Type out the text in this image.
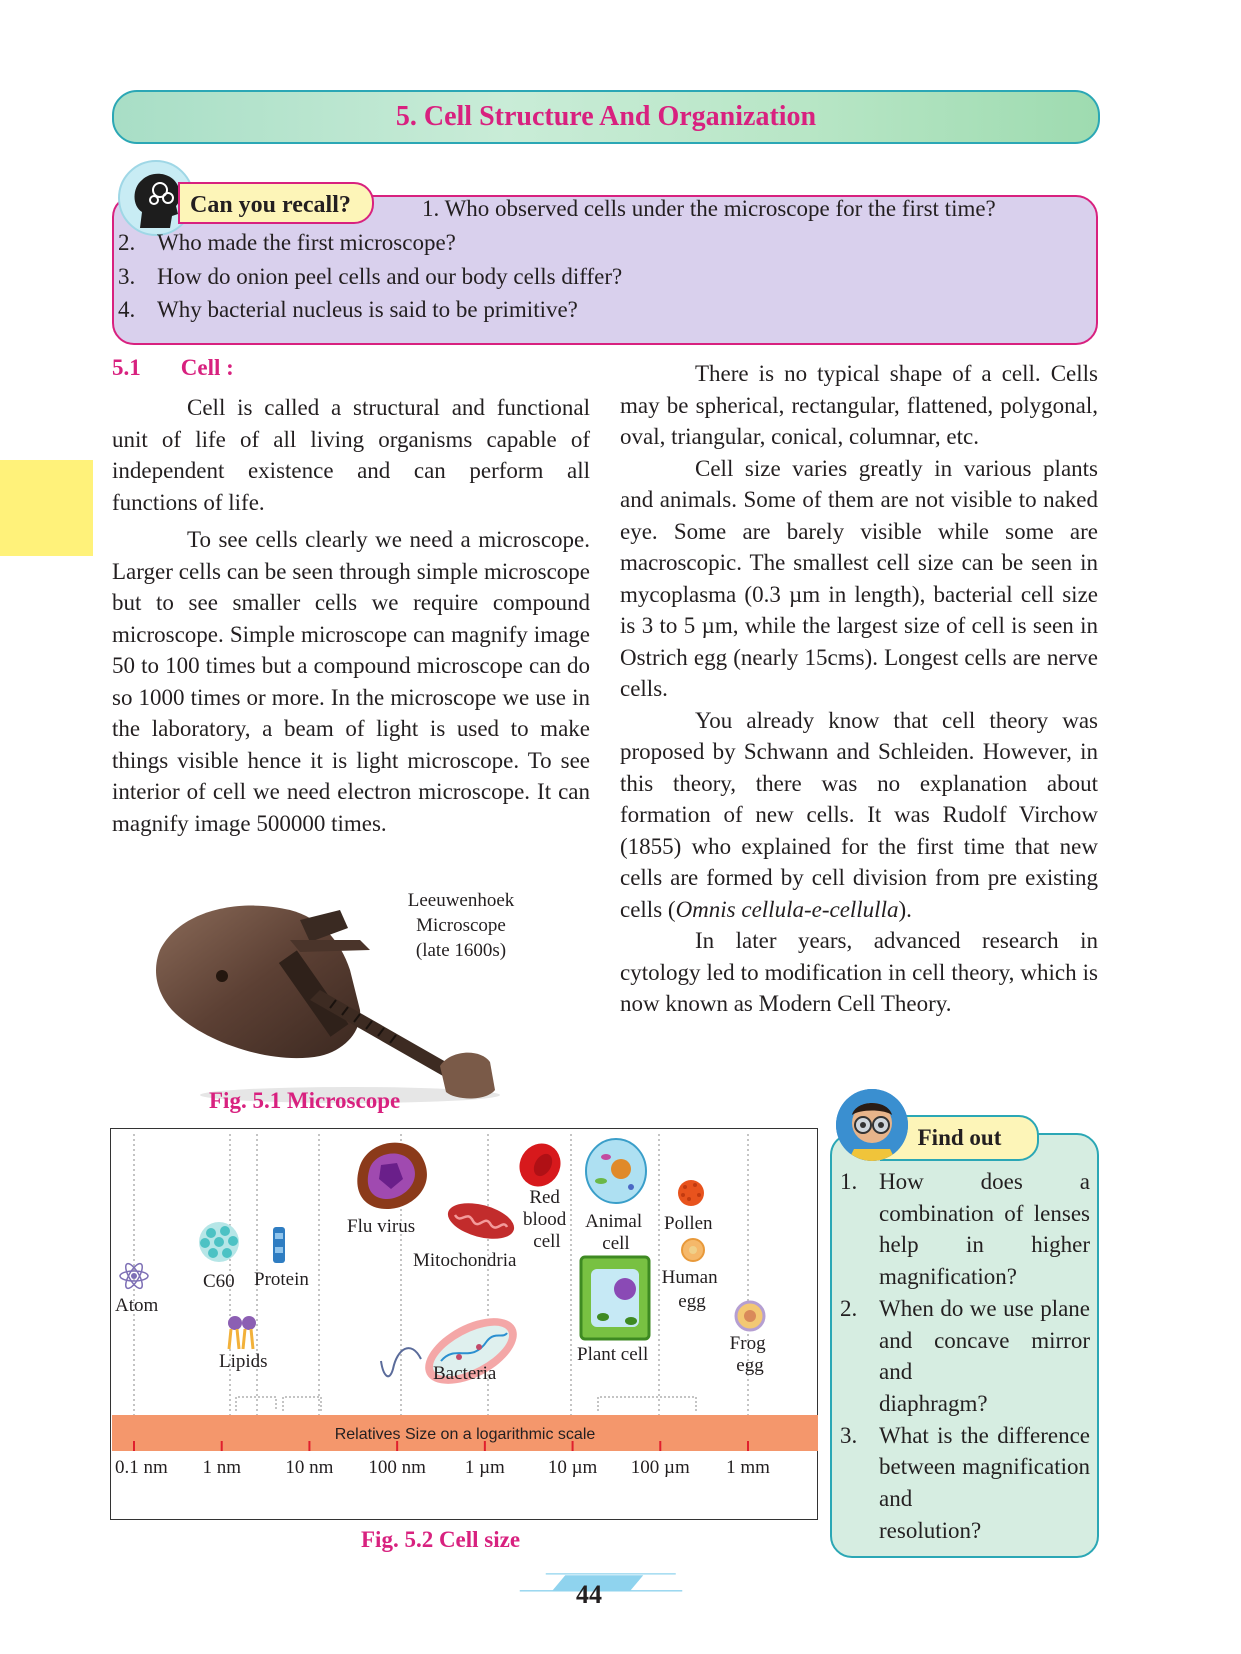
5. Cell Structure And Organization
Can you recall?	1. Who observed cells under the microscope for the first time?
2. Who made the first microscope?
3. How do onion peel cells and our body cells differ?
4. Why bacterial nucleus is said to be primitive?
5.1 Cell :

Cell is called a structural and functional unit of life of all living organisms capable of independent existence and can perform all functions of life.

To see cells clearly we need a microscope. Larger cells can be seen through simple microscope but to see smaller cells we require compound microscope. Simple microscope can magnify image 50 to 100 times but a compound microscope can do so 1000 times or more. In the microscope we use in the laboratory, a beam of light is used to make things visible hence it is light microscope. To see interior of cell we need electron microscope. It can magnify image 500000 times.

There is no typical shape of a cell. Cells may be spherical, rectangular, flattened, polygonal, oval, triangular, conical, columnar, etc.

Cell size varies greatly in various plants and animals. Some of them are not visible to naked eye. Some are barely visible while some are macroscopic. The smallest cell size can be seen in mycoplasma (0.3 µm in length), bacterial cell size is 3 to 5 µm, while the largest size of cell is seen in Ostrich egg (nearly 15cms). Longest cells are nerve cells.

You already know that cell theory was proposed by Schwann and Schleiden. However, in this theory, there was no explanation about formation of new cells. It was Rudolf Virchow (1855) who explained for the first time that new cells are formed by cell division from pre existing cells (Omnis cellula-e-cellulla).

In later years, advanced research in cytology led to modification in cell theory, which is now known as Modern Cell Theory.

Leeuwenhoek
Microscope
(late 1600s)
Fig. 5.1 Microscope
Relatives Size on a logarithmic scale
0.1 nm 1 nm 10 nm 100 nm 1 µm 10 µm 100 µm 1 mm
Atom
C60 Protein
Lipids
Flu virus
Mitochondria
Bacteria
Red blood cell
Animal cell
Plant cell
Pollen
Human egg
Frog egg
Fig. 5.2 Cell size
Find out
1. How does a combination of lenses help in higher
magnification?
2. When do we use plane and concave mirror and
diaphragm?
3. What is the difference between magnification and
resolution?
44
